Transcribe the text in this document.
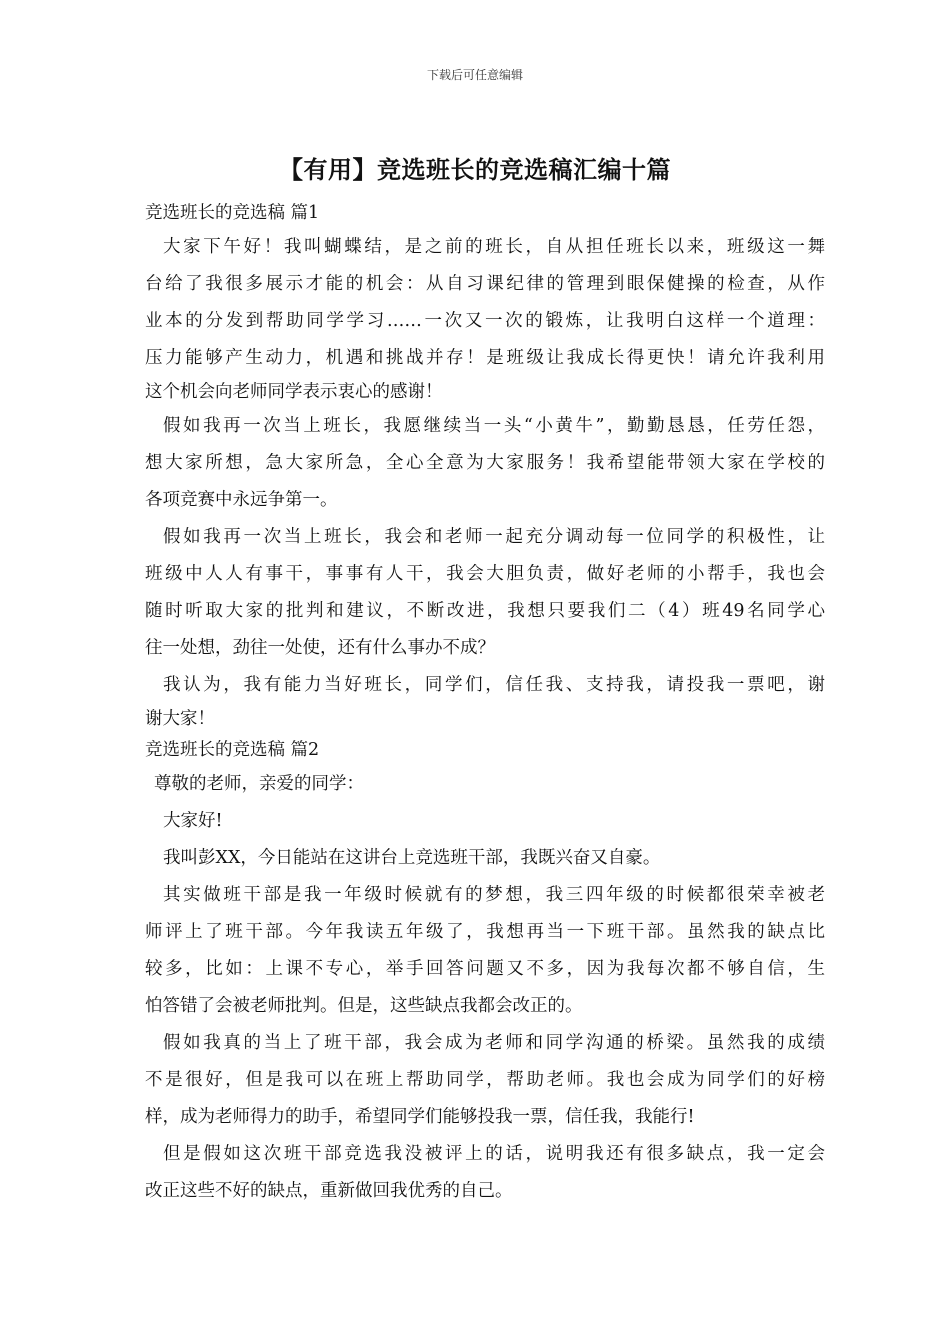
下载后可任意编辑
【有用】竞选班长的竞选稿汇编十篇
竞选班长的竞选稿 篇1
大家下午好！我叫蝴蝶结，是之前的班长，自从担任班长以来，班级这一舞
台给了我很多展示才能的机会：从自习课纪律的管理到眼保健操的检查，从作
业本的分发到帮助同学学习……一次又一次的锻炼，让我明白这样一个道理：
压力能够产生动力，机遇和挑战并存！是班级让我成长得更快！请允许我利用
这个机会向老师同学表示衷心的感谢！
假如我再一次当上班长，我愿继续当一头“小黄牛”，勤勤恳恳，任劳任怨，
想大家所想，急大家所急，全心全意为大家服务！我希望能带领大家在学校的
各项竞赛中永远争第一。
假如我再一次当上班长，我会和老师一起充分调动每一位同学的积极性，让
班级中人人有事干，事事有人干，我会大胆负责，做好老师的小帮手，我也会
随时听取大家的批判和建议，不断改进，我想只要我们二（4）班49名同学心
往一处想，劲往一处使，还有什么事办不成？
我认为，我有能力当好班长，同学们，信任我、支持我，请投我一票吧，谢
谢大家！
竞选班长的竞选稿 篇2
尊敬的老师，亲爱的同学：
大家好!
我叫彭XX，今日能站在这讲台上竞选班干部，我既兴奋又自豪。
其实做班干部是我一年级时候就有的梦想，我三四年级的时候都很荣幸被老
师评上了班干部。今年我读五年级了，我想再当一下班干部。虽然我的缺点比
较多，比如：上课不专心，举手回答问题又不多，因为我每次都不够自信，生
怕答错了会被老师批判。但是，这些缺点我都会改正的。
假如我真的当上了班干部，我会成为老师和同学沟通的桥梁。虽然我的成绩
不是很好，但是我可以在班上帮助同学，帮助老师。我也会成为同学们的好榜
样，成为老师得力的助手，希望同学们能够投我一票，信任我，我能行!
但是假如这次班干部竞选我没被评上的话，说明我还有很多缺点，我一定会
改正这些不好的缺点，重新做回我优秀的自己。
